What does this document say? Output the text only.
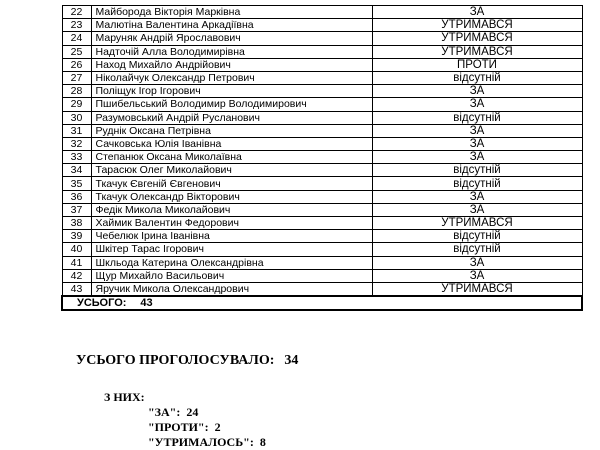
22	Майборода Вікторія Марківна	ЗА
23	Малютіна Валентина Аркадіївна	УТРИМАВСЯ
24	Маруняк Андрій Ярославович	УТРИМАВСЯ
25	Надточій Алла Володимирівна	УТРИМАВСЯ
26	Наход Михайло Андрійович	ПРОТИ
27	Ніколайчук Олександр Петрович	відсутній
28	Поліщук Ігор Ігорович	ЗА
29	Пшибельський Володимир Володимирович	ЗА
30	Разумовський Андрій Русланович	відсутній
31	Руднік Оксана Петрівна	ЗА
32	Сачковська Юлія Іванівна	ЗА
33	Степанюк Оксана Миколаївна	ЗА
34	Тарасюк Олег Миколайович	відсутній
35	Ткачук Євгеній Євгенович	відсутній
36	Ткачук Олександр Вікторович	ЗА
37	Федік Микола Миколайович	ЗА
38	Хаймик Валентин Федорович	УТРИМАВСЯ
39	Чебелюк Ірина Іванівна	відсутній
40	Шкітер Тарас Ігорович	відсутній
41	Шкльода Катерина Олександрівна	ЗА
42	Щур Михайло Васильович	ЗА
43	Яручик Микола Олександрович	УТРИМАВСЯ
УСЬОГО: 43		
УСЬОГО ПРОГОЛОСУВАЛО: 34
З НИХ:
"ЗА": 24
"ПРОТИ": 2
"УТРИМАЛОСЬ": 8
